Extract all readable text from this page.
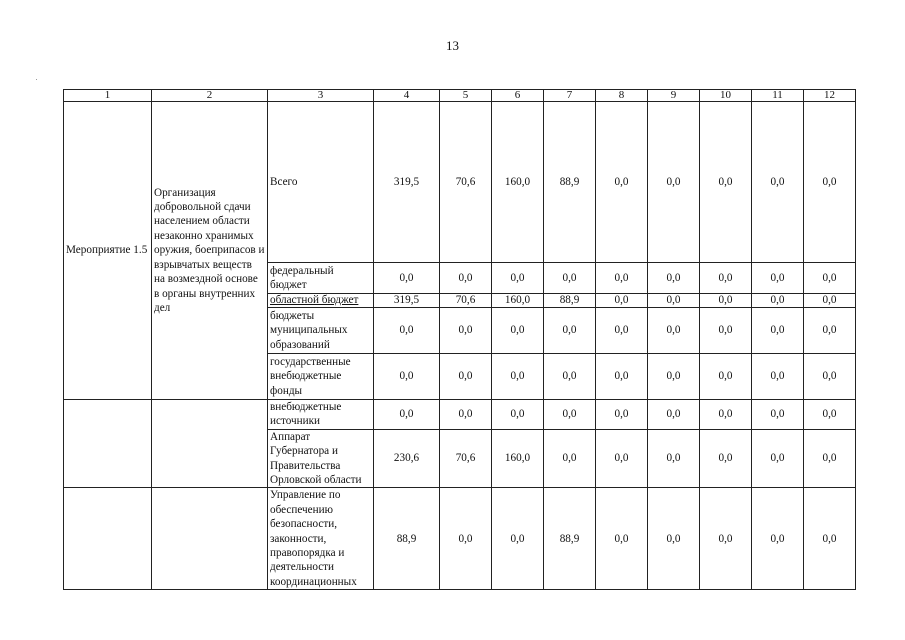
13
1	2	3	4	5	6	7	8	9	10	11	12
Мероприятие 1.5	Организация добровольной сдачи населением области незаконно хранимых оружия, боеприпасов и взрывчатых веществ на возмездной основе в органы внутренних дел	Всего	319,5	70,6	160,0	88,9	0,0	0,0	0,0	0,0	0,0
		федеральный бюджет	0,0	0,0	0,0	0,0	0,0	0,0	0,0	0,0	0,0
		областной бюджет	319,5	70,6	160,0	88,9	0,0	0,0	0,0	0,0	0,0
		бюджеты муниципальных образований	0,0	0,0	0,0	0,0	0,0	0,0	0,0	0,0	0,0
		государственные внебюджетные фонды	0,0	0,0	0,0	0,0	0,0	0,0	0,0	0,0	0,0
		внебюджетные источники	0,0	0,0	0,0	0,0	0,0	0,0	0,0	0,0	0,0
		Аппарат Губернатора и Правительства Орловской области	230,6	70,6	160,0	0,0	0,0	0,0	0,0	0,0	0,0
		Управление по обеспечению безопасности, законности, правопорядка и деятельности координационных	88,9	0,0	0,0	88,9	0,0	0,0	0,0	0,0	0,0
